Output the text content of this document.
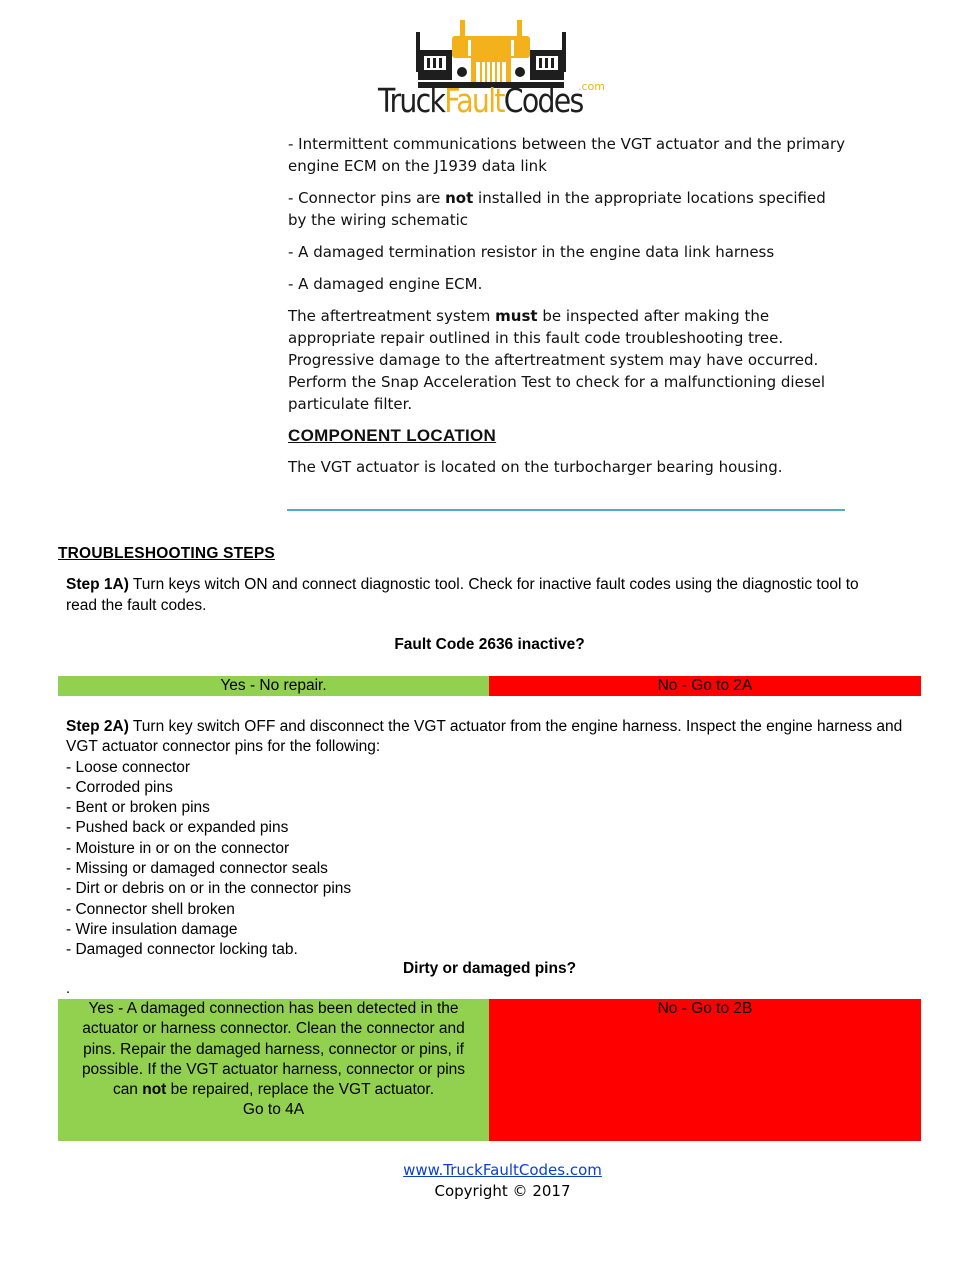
.com
TruckFaultCodes

- Intermittent communications between the VGT actuator and the primary engine ECM on the J1939 data link

- Connector pins are not installed in the appropriate locations specified by the wiring schematic

- A damaged termination resistor in the engine data link harness

- A damaged engine ECM.

The aftertreatment system must be inspected after making the appropriate repair outlined in this fault code troubleshooting tree. Progressive damage to the aftertreatment system may have occurred. Perform the Snap Acceleration Test to check for a malfunctioning diesel particulate filter.

COMPONENT LOCATION

The VGT actuator is located on the turbocharger bearing housing.

TROUBLESHOOTING STEPS
Step 1A) Turn keys witch ON and connect diagnostic tool. Check for inactive fault codes using the diagnostic tool to read the fault codes.
Fault Code 2636 inactive?
Yes - No repair.	No - Go to 2A
Step 2A) Turn key switch OFF and disconnect the VGT actuator from the engine harness. Inspect the engine harness and VGT actuator connector pins for the following:
- Loose connector
- Corroded pins
- Bent or broken pins
- Pushed back or expanded pins
- Moisture in or on the connector
- Missing or damaged connector seals
- Dirt or debris on or in the connector pins
- Connector shell broken
- Wire insulation damage
- Damaged connector locking tab.
Dirty or damaged pins?
.
Yes - A damaged connection has been detected in the actuator or harness connector. Clean the connector and pins. Repair the damaged harness, connector or pins, if possible. If the VGT actuator harness, connector or pins can not be repaired, replace the VGT actuator.
Go to 4A
No - Go to 2B
www.TruckFaultCodes.com
Copyright © 2017
